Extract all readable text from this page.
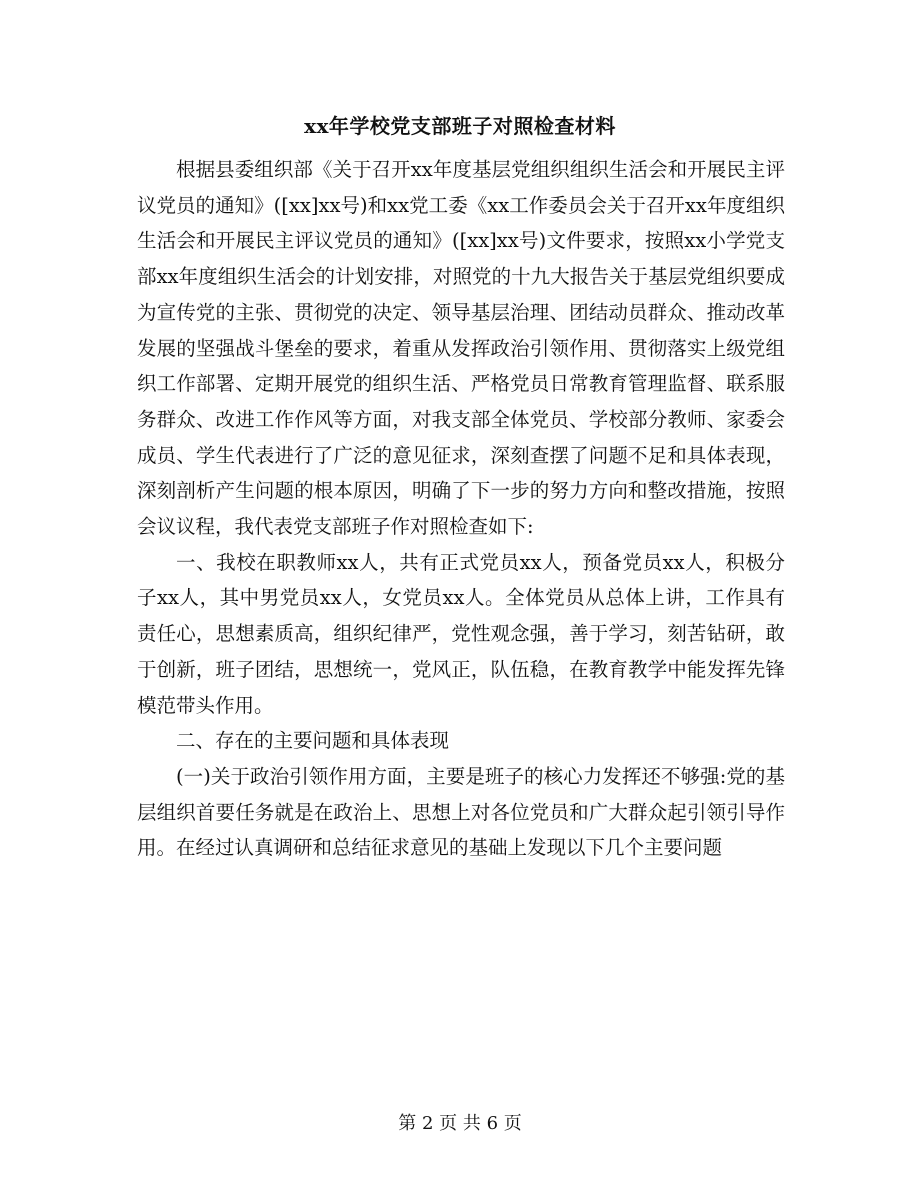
xx年学校党支部班子对照检查材料

根据县委组织部《关于召开xx年度基层党组织组织生活会和开展民主评议党员的通知》([xx]xx号)和xx党工委《xx工作委员会关于召开xx年度组织生活会和开展民主评议党员的通知》([xx]xx号)文件要求，按照xx小学党支部xx年度组织生活会的计划安排，对照党的十九大报告关于基层党组织要成为宣传党的主张、贯彻党的决定、领导基层治理、团结动员群众、推动改革发展的坚强战斗堡垒的要求，着重从发挥政治引领作用、贯彻落实上级党组织工作部署、定期开展党的组织生活、严格党员日常教育管理监督、联系服务群众、改进工作作风等方面，对我支部全体党员、学校部分教师、家委会成员、学生代表进行了广泛的意见征求，深刻查摆了问题不足和具体表现，深刻剖析产生问题的根本原因，明确了下一步的努力方向和整改措施，按照会议议程，我代表党支部班子作对照检查如下:

一、我校在职教师xx人，共有正式党员xx人，预备党员xx人，积极分子xx人，其中男党员xx人，女党员xx人。全体党员从总体上讲，工作具有责任心，思想素质高，组织纪律严，党性观念强，善于学习，刻苦钻研，敢于创新，班子团结，思想统一，党风正，队伍稳，在教育教学中能发挥先锋模范带头作用。

二、存在的主要问题和具体表现

(一)关于政治引领作用方面，主要是班子的核心力发挥还不够强:党的基层组织首要任务就是在政治上、思想上对各位党员和广大群众起引领引导作用。在经过认真调研和总结征求意见的基础上发现以下几个主要问题

第 2 页 共 6 页
